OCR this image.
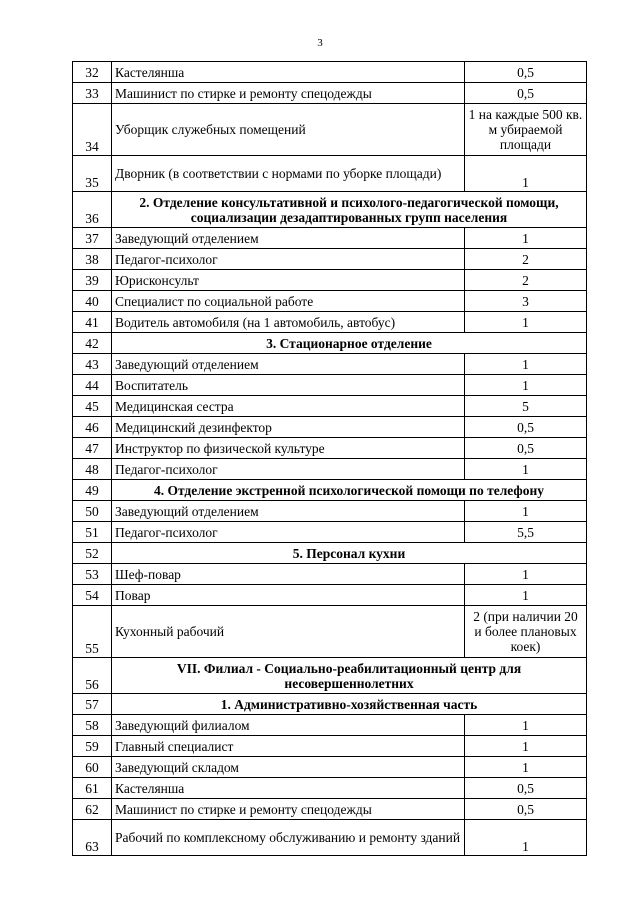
3
32	Кастелянша	0,5
33	Машинист по стирке и ремонту спецодежды	0,5
34	Уборщик служебных помещений	1 на каждые 500 кв. м убираемой площади
35	Дворник (в соответствии с нормами по уборке площади)	1
36	2. Отделение консультативной и психолого-педагогической помощи, социализации дезадаптированных групп населения	
37	Заведующий отделением	1
38	Педагог-психолог	2
39	Юрисконсульт	2
40	Специалист по социальной работе	3
41	Водитель автомобиля (на 1 автомобиль, автобус)	1
42	3. Стационарное отделение	
43	Заведующий отделением	1
44	Воспитатель	1
45	Медицинская сестра	5
46	Медицинский дезинфектор	0,5
47	Инструктор по физической культуре	0,5
48	Педагог-психолог	1
49	4. Отделение экстренной психологической помощи по телефону	
50	Заведующий отделением	1
51	Педагог-психолог	5,5
52	5. Персонал кухни	
53	Шеф-повар	1
54	Повар	1
55	Кухонный рабочий	2 (при наличии 20 и более плановых коек)
56	VII. Филиал - Социально-реабилитационный центр для несовершеннолетних	
57	1. Административно-хозяйственная часть	
58	Заведующий филиалом	1
59	Главный специалист	1
60	Заведующий складом	1
61	Кастелянша	0,5
62	Машинист по стирке и ремонту спецодежды	0,5
63	Рабочий по комплексному обслуживанию и ремонту зданий	1
